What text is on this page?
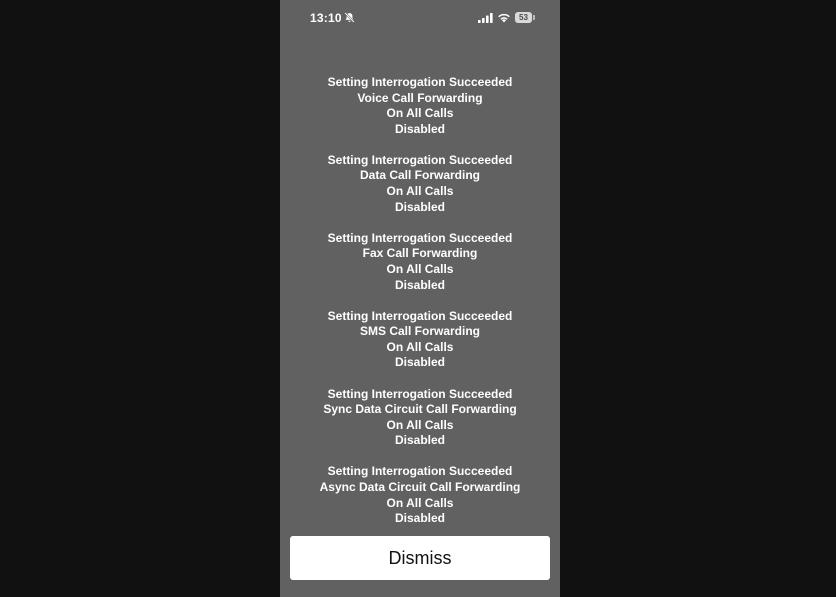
13:10	53
Setting Interrogation Succeeded
Voice Call Forwarding
On All Calls
Disabled
Setting Interrogation Succeeded
Data Call Forwarding
On All Calls
Disabled
Setting Interrogation Succeeded
Fax Call Forwarding
On All Calls
Disabled
Setting Interrogation Succeeded
SMS Call Forwarding
On All Calls
Disabled
Setting Interrogation Succeeded
Sync Data Circuit Call Forwarding
On All Calls
Disabled
Setting Interrogation Succeeded
Async Data Circuit Call Forwarding
On All Calls
Disabled
Dismiss
